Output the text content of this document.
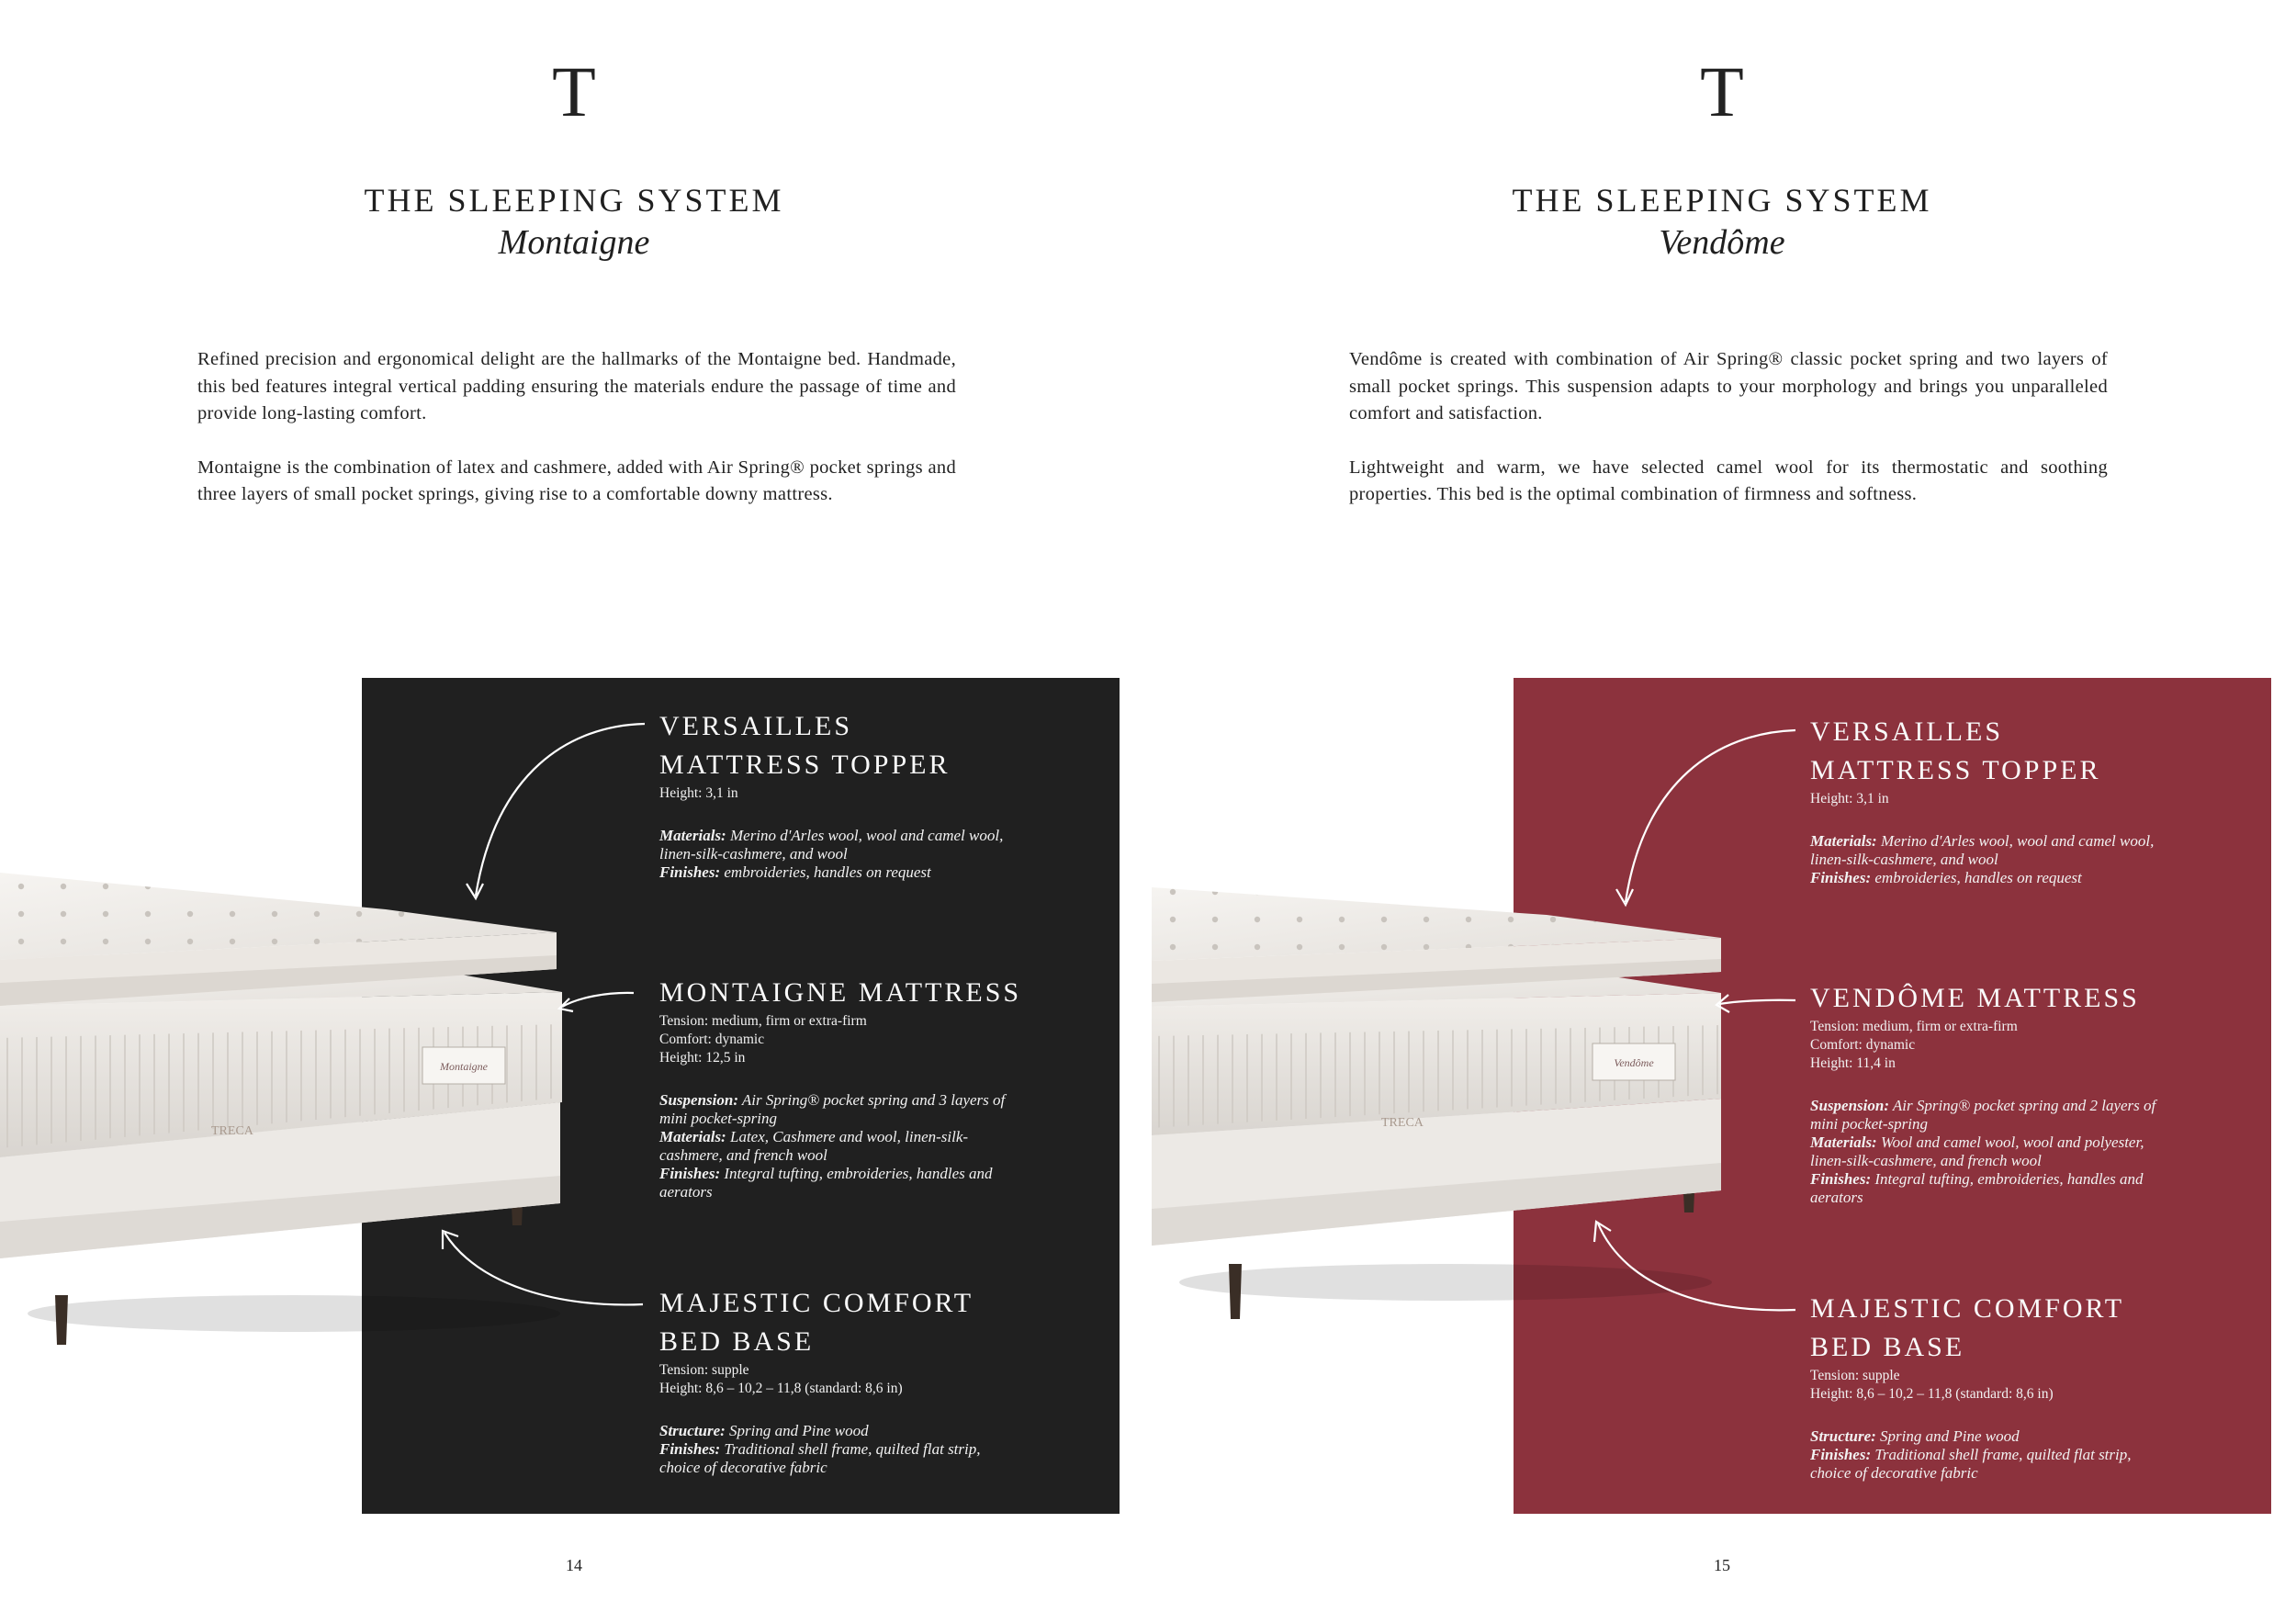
T
THE SLEEPING SYSTEM
Montaigne

Refined precision and ergonomical delight are the hallmarks of the Montaigne bed. Handmade, this bed features integral vertical padding ensuring the materials endure the passage of time and provide long-lasting comfort.

Montaigne is the combination of latex and cashmere, added with Air Spring® pocket springs and three layers of small pocket springs, giving rise to a comfortable downy mattress.

Montaigne
TRECA

VERSAILLES

MATTRESS TOPPER

Height: 3,1 in

Materials: Merino d'Arles wool, wool and camel wool,

linen-silk-cashmere, and wool

Finishes: embroideries, handles on request

MONTAIGNE MATTRESS

Tension: medium, firm or extra-firm

Comfort: dynamic

Height: 12,5 in

Suspension: Air Spring® pocket spring and 3 layers of

mini pocket-spring

Materials: Latex, Cashmere and wool, linen-silk-

cashmere, and french wool

Finishes: Integral tufting, embroideries, handles and

aerators

MAJESTIC COMFORT

BED BASE

Tension: supple

Height: 8,6 – 10,2 – 11,8 (standard: 8,6 in)

Structure: Spring and Pine wood

Finishes: Traditional shell frame, quilted flat strip,

choice of decorative fabric

14
T
THE SLEEPING SYSTEM
Vendôme

Vendôme is created with combination of Air Spring® classic pocket spring and two layers of small pocket springs. This suspension adapts to your morphology and brings you unparalleled comfort and satisfaction.

Lightweight and warm, we have selected camel wool for its thermostatic and soothing properties. This bed is the optimal combination of firmness and softness.

Vendôme
TRECA

VERSAILLES

MATTRESS TOPPER

Height: 3,1 in

Materials: Merino d'Arles wool, wool and camel wool,

linen-silk-cashmere, and wool

Finishes: embroideries, handles on request

VENDÔME MATTRESS

Tension: medium, firm or extra-firm

Comfort: dynamic

Height: 11,4 in

Suspension: Air Spring® pocket spring and 2 layers of

mini pocket-spring

Materials: Wool and camel wool, wool and polyester,

linen-silk-cashmere, and french wool

Finishes: Integral tufting, embroideries, handles and

aerators

MAJESTIC COMFORT

BED BASE

Tension: supple

Height: 8,6 – 10,2 – 11,8 (standard: 8,6 in)

Structure: Spring and Pine wood

Finishes: Traditional shell frame, quilted flat strip,

choice of decorative fabric

15
